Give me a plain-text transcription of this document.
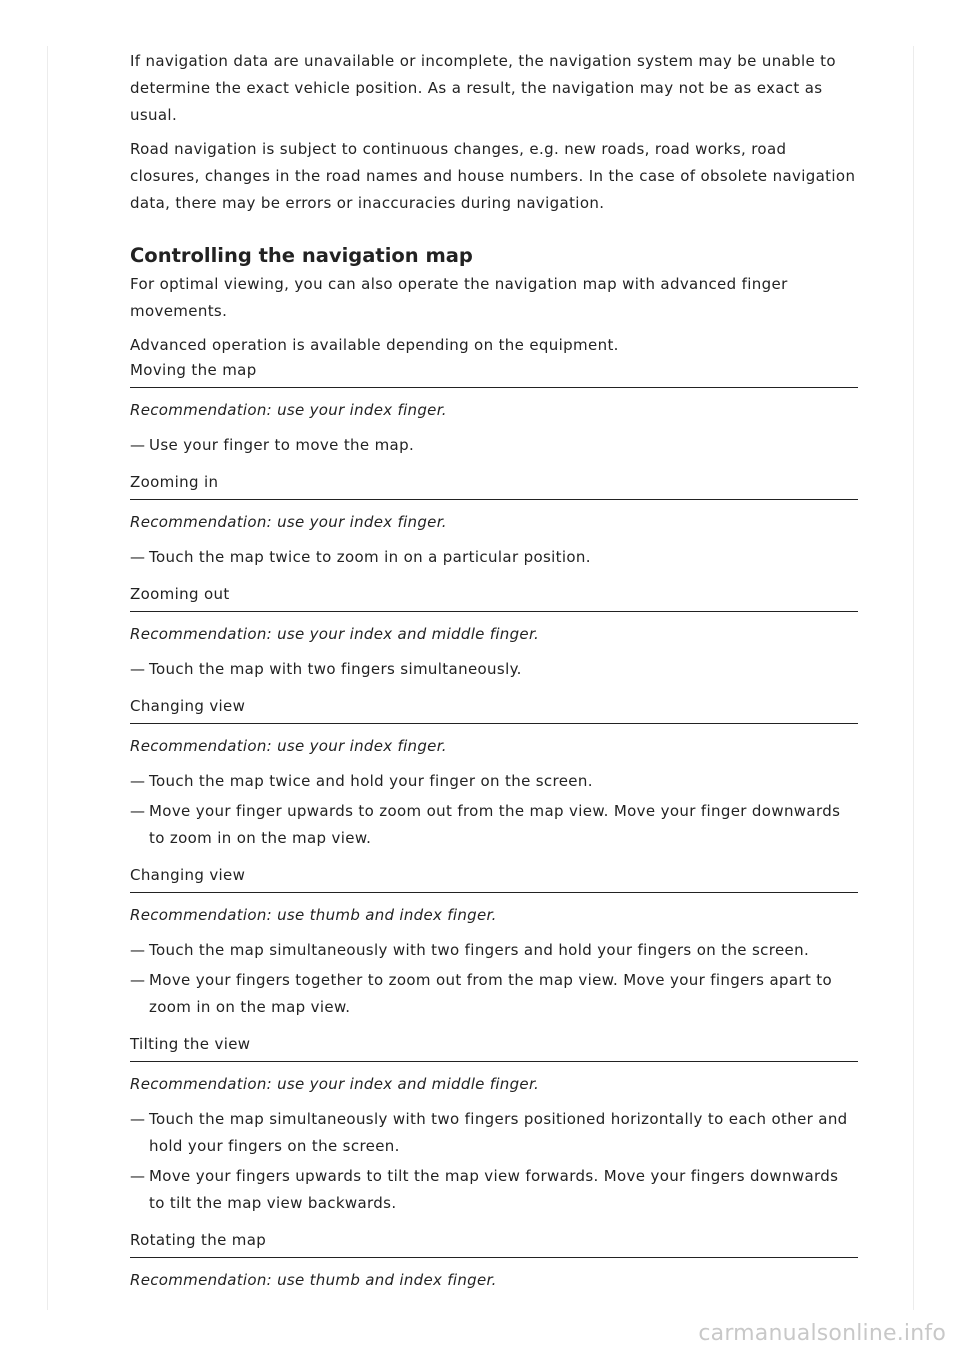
If navigation data are unavailable or incomplete, the navigation system may be unable to determine the exact vehicle position. As a result, the navigation may not be as exact as usual.

Road navigation is subject to continuous changes, e.g. new roads, road works, road closures, changes in the road names and house numbers. In the case of obsolete navigation data, there may be errors or inaccuracies during navigation.

Controlling the navigation map

For optimal viewing, you can also operate the navigation map with advanced finger movements.

Advanced operation is available depending on the equipment.

Moving the map
Recommendation: use your index finger.
— Use your finger to move the map.
Zooming in
Recommendation: use your index finger.
— Touch the map twice to zoom in on a particular position.
Zooming out
Recommendation: use your index and middle finger.
— Touch the map with two fingers simultaneously.
Changing view
Recommendation: use your index finger.
— Touch the map twice and hold your finger on the screen.
— Move your finger upwards to zoom out from the map view. Move your finger downwards to zoom in on the map view.
Changing view
Recommendation: use thumb and index finger.
— Touch the map simultaneously with two fingers and hold your fingers on the screen.
— Move your fingers together to zoom out from the map view. Move your fingers apart to zoom in on the map view.
Tilting the view
Recommendation: use your index and middle finger.
— Touch the map simultaneously with two fingers positioned horizontally to each other and hold your fingers on the screen.
— Move your fingers upwards to tilt the map view forwards. Move your fingers downwards to tilt the map view backwards.
Rotating the map
Recommendation: use thumb and index finger.
carmanualsonline.info
